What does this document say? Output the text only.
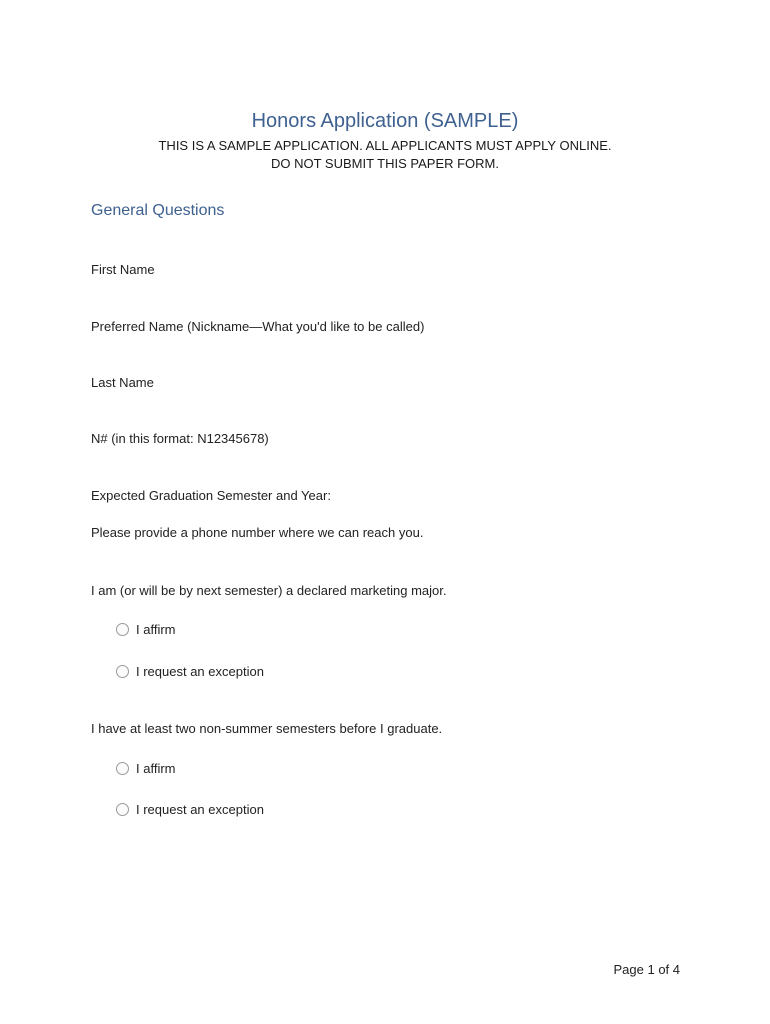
Honors Application (SAMPLE)
THIS IS A SAMPLE APPLICATION. ALL APPLICANTS MUST APPLY ONLINE.
DO NOT SUBMIT THIS PAPER FORM.
General Questions
First Name
Preferred Name (Nickname—What you'd like to be called)
Last Name
N# (in this format: N12345678)
Expected Graduation Semester and Year:
Please provide a phone number where we can reach you.
I am (or will be by next semester) a declared marketing major.
I affirm
I request an exception
I have at least two non-summer semesters before I graduate.
I affirm
I request an exception
Page 1 of 4
